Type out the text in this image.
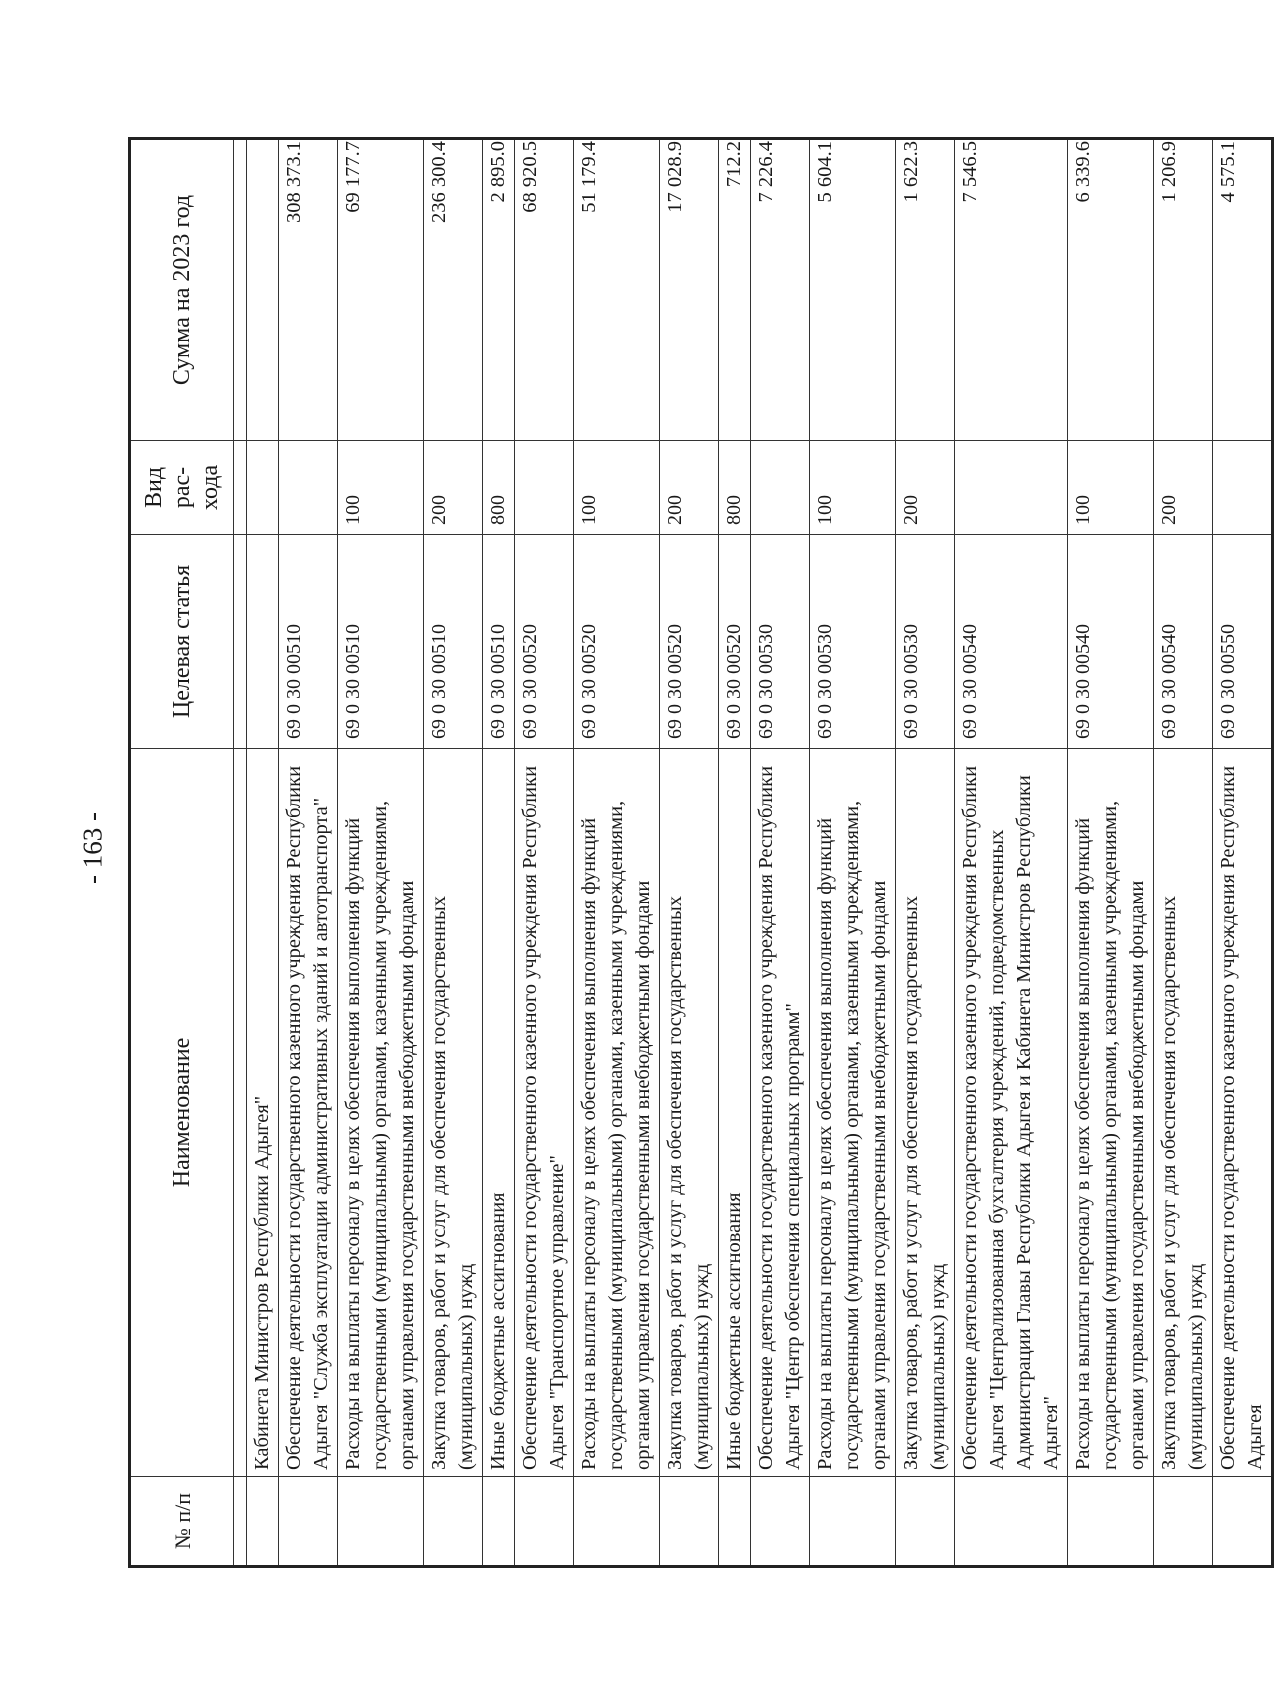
- 163 -
№ п/п	Наименование	Целевая статья	Вид рас-хода	Сумма на 2023 год

	Кабинета Министров Республики Адыгея"			
	Обеспечение деятельности государственного казенного учреждения Республики Адыгея "Служба эксплуатации административных зданий и автотранспорта"	69 0 30 00510		308 373.1
	Расходы на выплаты персоналу в целях обеспечения выполнения функций государственными (муниципальными) органами, казенными учреждениями, органами управления государственными внебюджетными фондами	69 0 30 00510	100	69 177.7
	Закупка товаров, работ и услуг для обеспечения государственных (муниципальных) нужд	69 0 30 00510	200	236 300.4
	Иные бюджетные ассигнования	69 0 30 00510	800	2 895.0
	Обеспечение деятельности государственного казенного учреждения Республики Адыгея "Транспортное управление"	69 0 30 00520		68 920.5
	Расходы на выплаты персоналу в целях обеспечения выполнения функций государственными (муниципальными) органами, казенными учреждениями, органами управления государственными внебюджетными фондами	69 0 30 00520	100	51 179.4
	Закупка товаров, работ и услуг для обеспечения государственных (муниципальных) нужд	69 0 30 00520	200	17 028.9
	Иные бюджетные ассигнования	69 0 30 00520	800	712.2
	Обеспечение деятельности государственного казенного учреждения Республики Адыгея "Центр обеспечения специальных программ"	69 0 30 00530		7 226.4
	Расходы на выплаты персоналу в целях обеспечения выполнения функций государственными (муниципальными) органами, казенными учреждениями, органами управления государственными внебюджетными фондами	69 0 30 00530	100	5 604.1
	Закупка товаров, работ и услуг для обеспечения государственных (муниципальных) нужд	69 0 30 00530	200	1 622.3
	Обеспечение деятельности государственного казенного учреждения Республики Адыгея "Централизованная бухгалтерия учреждений, подведомственных Администрации Главы Республики Адыгея и Кабинета Министров Республики Адыгея"	69 0 30 00540		7 546.5
	Расходы на выплаты персоналу в целях обеспечения выполнения функций государственными (муниципальными) органами, казенными учреждениями, органами управления государственными внебюджетными фондами	69 0 30 00540	100	6 339.6
	Закупка товаров, работ и услуг для обеспечения государственных (муниципальных) нужд	69 0 30 00540	200	1 206.9
	Обеспечение деятельности государственного казенного учреждения Республики Адыгея	69 0 30 00550		4 575.1
